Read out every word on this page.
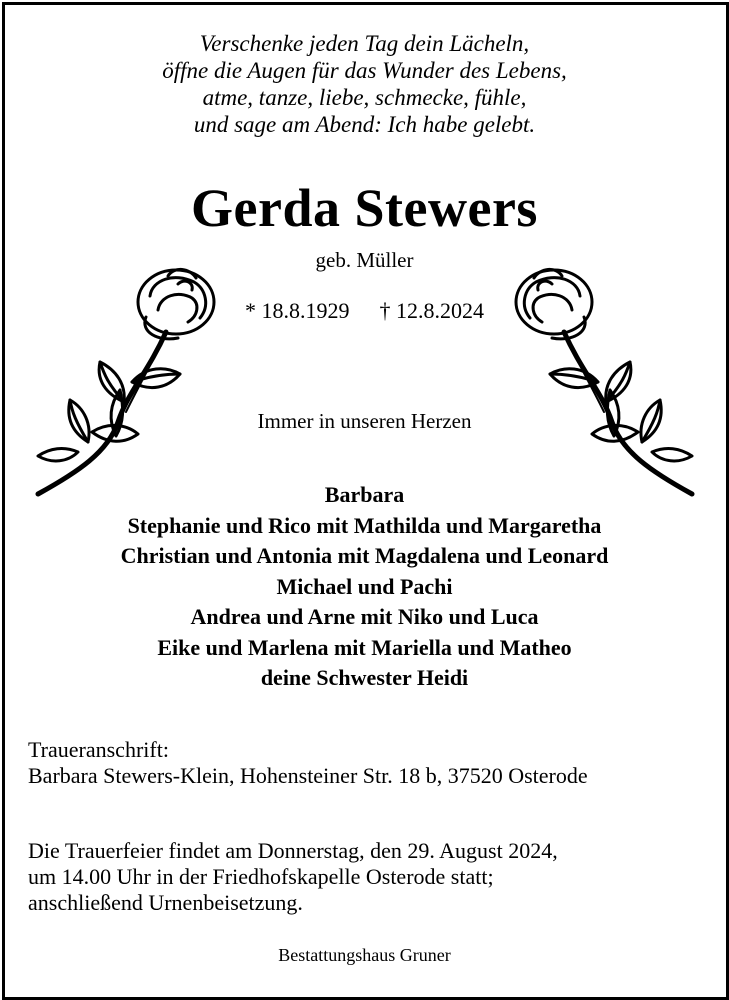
Verschenke jeden Tag dein Lächeln,
öffne die Augen für das Wunder des Lebens,
atme, tanze, liebe, schmecke, fühle,
und sage am Abend: Ich habe gelebt.
Gerda Stewers
geb. Müller
* 18.8.1929 † 12.8.2024
Immer in unseren Herzen
Barbara
Stephanie und Rico mit Mathilda und Margaretha
Christian und Antonia mit Magdalena und Leonard
Michael und Pachi
Andrea und Arne mit Niko und Luca
Eike und Marlena mit Mariella und Matheo
deine Schwester Heidi
Traueranschrift:
Barbara Stewers-Klein, Hohensteiner Str. 18 b, 37520 Osterode
Die Trauerfeier findet am Donnerstag, den 29. August 2024,
um 14.00 Uhr in der Friedhofskapelle Osterode statt;
anschließend Urnenbeisetzung.
Bestattungshaus Gruner
